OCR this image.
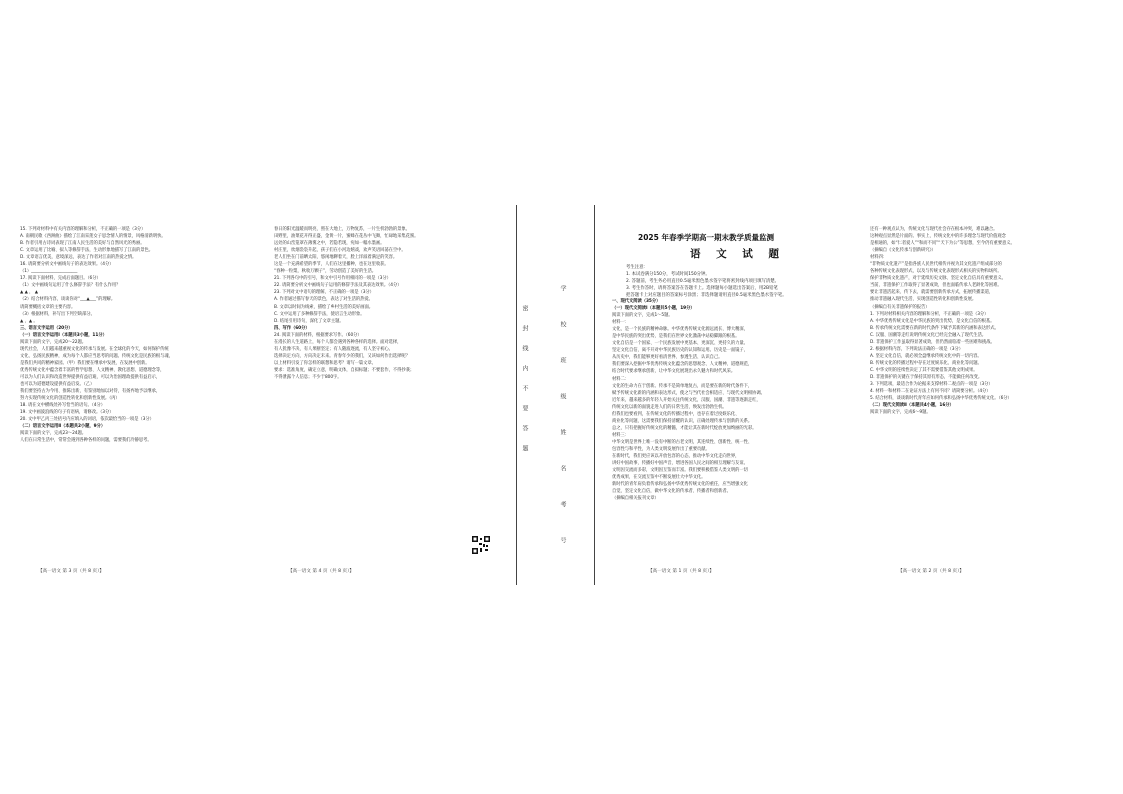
15. 下列对材料中有关内容的理解和分析，不正确的一项是（3分）

A. 南朝民歌《西洲曲》描绘了江南采莲女子思念情人的情景，风格清新明快。

B. 作者引用古诗词表现了江南人民生活的美好与自然风光的秀丽。

C. 文章运用了比喻、拟人等修辞手法，生动形象地描写了江南的景色。

D. 文章语言优美，意境深远，表达了作者对江南的热爱之情。

16. 请简要分析文中画线句子的表达效果。（4分）

（1）______________________

17. 阅读下面材料，完成后面题目。（6分）

（1）文中画线句运用了什么修辞手法？有什么作用？

▲ ▲ ， ▲

（2）结合材料内容，谈谈你对“___▲___”的理解。

请简要概括文章的主要内容。

（3）根据材料，补写出下列空缺部分。

▲ ，▲ 。

三、语言文字运用（20分）

（一）语言文字运用Ⅰ（本题共3小题，11分）

阅读下面的文字，完成20～22题。

现代社会，人们越来越重视文化的传承与发展。在全球化的今天，如何保护传统

文化、弘扬民族精神，成为每个人都应当思考的问题。传统文化是民族的根与魂，

是我们共同的精神家园。（甲）我们要在继承中发展，在发展中创新。

优秀传统文化中蕴含着丰富的哲学思想、人文精神、教化思想、道德理念等，

可以为人们认识和改造世界提供有益启迪，可以为治国理政提供有益启示，

也可以为道德建设提供有益启发。（乙）

我们要坚持古为今用、推陈出新，有鉴别地加以对待，有扬弃地予以继承，

努力实现传统文化的创造性转化和创新性发展。（丙）

18. 请在文中横线处补写恰当的语句。（4分）

19. 文中画波浪线的句子有语病，请修改。（3分）

20. 文中甲乙丙三处括号内应填入的词语，依次最恰当的一项是（3分）

（二）语言文字运用Ⅱ（本题共2小题，9分）

阅读下面的文字，完成23～24题。

人们在日常生活中，常常会遇到各种各样的问题，需要我们冷静思考。

春日的阳光温暖而明亮，照在大地上，万物复苏，一片生机勃勃的景象。

田野里，油菜花开得正盛，金黄一片，蜜蜂在花丛中飞舞，忙碌地采集花蜜。

远处的山峦笼罩在薄雾之中，若隐若现，宛如一幅水墨画。

村庄里，炊烟袅袅升起，孩子们在小河边嬉戏，欢声笑语回荡在空中。

老人们坐在门前晒太阳，悠闲地聊着天，脸上洋溢着满足的笑容。

这是一个充满希望的季节，人们在这里播种，也在这里收获。

“春种一粒粟，秋收万颗子”，劳动创造了美好的生活。

21. 下列各句中的引号，和文中引号作用相同的一项是（3分）

22. 请简要分析文中画线句子运用的修辞手法及其表达效果。（4分）

23. 下列对文中语句的理解，不正确的一项是（3分）

A. 作者通过描写春天的景色，表达了对生活的热爱。

B. 文章以时间为线索，描绘了乡村生活的美好画面。

C. 文中运用了多种修辞手法，使语言生动形象。

D. 结尾引用诗句，深化了文章主题。

四、写作（60分）

24. 阅读下面的材料，根据要求写作。（60分）

在漫长的人生道路上，每个人都会遇到各种各样的选择。面对选择，

有人犹豫不决，有人果断坚定；有人随波逐流，有人坚守初心。

选择决定方向，方向决定未来。青春年少的我们，又该如何作出选择呢？

以上材料引发了你怎样的联想和思考？请写一篇文章。

要求：选准角度，确定立意，明确文体，自拟标题；不要套作，不得抄袭；

不得泄露个人信息；不少于800字。

【高一语文 第 3 页（共 8 页）】	【高一语文 第 4 页（共 8 页）】
密封线内不要答题
学校班级姓名考号
2025 年春季学期高一期末教学质量监测
语 文 试 题

考生注意：

1. 本试卷满分150分，考试时间150分钟。

2. 答题前，考生务必用直径0.5毫米黑色墨水签字笔将密封线内项目填写清楚。

3. 考生作答时，请将答案答在答题卡上。选择题每小题选出答案后，用2B铅笔

把答题卡上对应题目的答案标号涂黑；非选择题请用直径0.5毫米黑色墨水签字笔。

一、现代文阅读（35分）

（一）现代文阅读Ⅰ（本题共5小题，19分）

阅读下面的文字，完成1～5题。

材料一：

文化，是一个民族的精神命脉。中华优秀传统文化源远流长、博大精深，

是中华民族的突出优势，是我们在世界文化激荡中站稳脚跟的根基。

文化自信是一个国家、一个民族发展中更基本、更深沉、更持久的力量。

坚定文化自信，离不开对中华民族历史的认知和运用。历史是一面镜子，

从历史中，我们能够更好看清世界、参透生活、认识自己。

我们要深入挖掘中华优秀传统文化蕴含的思想观念、人文精神、道德规范，

结合时代要求继承创新，让中华文化展现出永久魅力和时代风采。

材料二：

文化的生命力在于创新。传承不是简单地复古，而是要在新的时代条件下，

赋予传统文化新的内涵和表达形式，使之与当代社会相适应、与现代文明相协调。

近年来，越来越多的年轻人开始关注传统文化，汉服、国潮、非遗等逐渐走红，

传统文化以新的面貌走进人们的日常生活，焕发出勃勃生机。

但我们也要看到，在传统文化的传播过程中，也存在着过度娱乐化、

商业化等问题，这需要我们保持清醒的认识，正确处理传承与创新的关系。

总之，只有把握好传统文化的精髓，才能让其在新时代绽放更加绚丽的光彩。

材料三：

中华文明是世界上唯一没有中断的古老文明，其连续性、创新性、统一性、

包容性与和平性，为人类文明发展作出了重要贡献。

在新时代，我们更应该以开放包容的心态，推动中华文化走向世界，

讲好中国故事，传播好中国声音，增进各国人民之间的相互理解与友谊。

文明因交流而多彩，文明因互鉴而丰富。我们要积极借鉴人类文明的一切

优秀成果，在交流互鉴中不断发展壮大中华文化。

新时代的青年肩负着传承和弘扬中华优秀传统文化的重任，应当增强文化

自觉，坚定文化自信，做中华文化的传承者、传播者和创新者。

（摘编自相关报刊文章）

还有一种观点认为，传统文化与现代社会存在根本冲突，难以融合。

这种观点显然是片面的。事实上，传统文化中的许多理念与现代价值观念

是相通的，如“仁者爱人”“和而不同”“天下为公”等思想，至今仍有重要意义。

（摘编自《文化传承与创新研究》）

材料四：

“非物质文化遗产”是指各族人民世代相传并视为其文化遗产组成部分的

各种传统文化表现形式，以及与传统文化表现形式相关的实物和场所。

保护非物质文化遗产，对于延续历史文脉、坚定文化自信具有重要意义。

当前，非遗保护工作取得了显著成效，但也面临传承人老龄化等困难。

要让非遗活起来、传下去，就需要创新传承方式，拓展传播渠道，

推动非遗融入现代生活，实现创造性转化和创新性发展。

（摘编自有关非遗保护的报告）

1. 下列对材料相关内容的理解和分析，不正确的一项是（3分）

A. 中华优秀传统文化是中华民族的突出优势，是文化自信的根基。

B. 传承传统文化需要在新的时代条件下赋予其新的内涵和表达形式。

C. 汉服、国潮等走红说明传统文化已经完全融入了现代生活。

D. 非遗保护工作虽取得显著成效，但仍然面临着一些困难和挑战。

2. 根据材料内容，下列说法正确的一项是（3分）

A. 坚定文化自信，就必须全盘继承传统文化中的一切内容。

B. 传统文化的传播过程中存在过度娱乐化、商业化等问题。

C. 中华文明的连续性决定了其不需要借鉴其他文明成果。

D. 非遗保护的关键在于保持其原有形态，不能做任何改变。

3. 下列选项，最适合作为论据来支撑材料二观点的一项是（3分）

4. 材料一和材料二在论证方法上有何不同？请简要分析。（4分）

5. 结合材料，谈谈新时代青年应如何传承和弘扬中华优秀传统文化。（6分）

（二）现代文阅读Ⅱ（本题共4小题，16分）

阅读下面的文字，完成6～9题。

【高一语文 第 1 页（共 8 页）】	【高一语文 第 2 页（共 8 页）】
